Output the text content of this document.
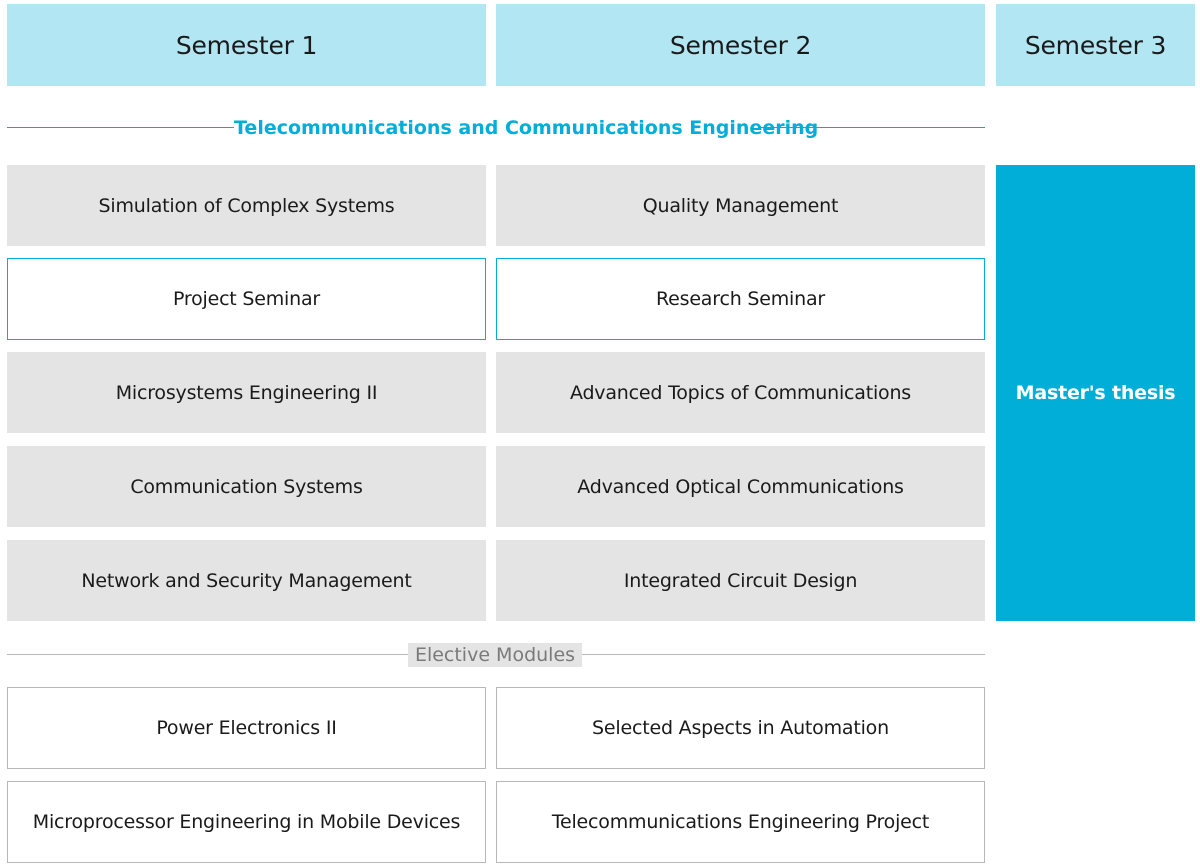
Semester 1	Semester 2	Semester 3
Telecommunications and Communications Engineering
Simulation of Complex Systems
Project Seminar
Microsystems Engineering II
Communication Systems
Network and Security Management
Quality Management
Research Seminar
Advanced Topics of Communications
Advanced Optical Communications
Integrated Circuit Design
Master's thesis
Elective Modules
Power Electronics II
Microprocessor Engineering in Mobile Devices
Selected Aspects in Automation
Telecommunications Engineering Project
